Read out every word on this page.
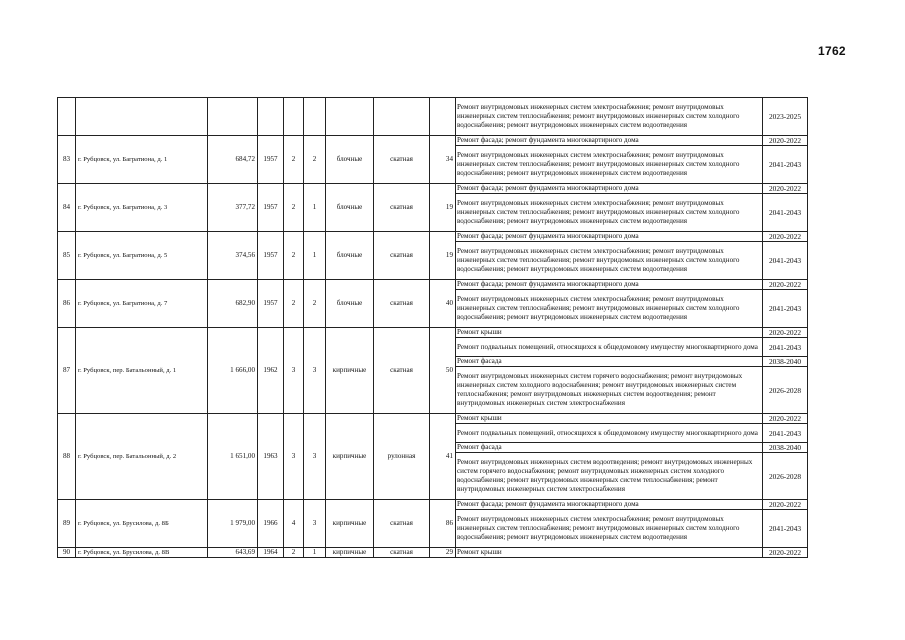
1762
									Ремонт внутридомовых инженерных систем электроснабжения; ремонт внутридомовых инженерных систем теплоснабжения; ремонт внутридомовых инженерных систем холодного водоснабжения; ремонт внутридомовых инженерных систем водоотведения	2023-2025
83	г. Рубцовск, ул. Багратиона, д. 1	684,72	1957	2	2	блочные	скатная	34	Ремонт фасада; ремонт фундамента многоквартирного дома	2020-2022
									Ремонт внутридомовых инженерных систем электроснабжения; ремонт внутридомовых инженерных систем теплоснабжения; ремонт внутридомовых инженерных систем холодного водоснабжения; ремонт внутридомовых инженерных систем водоотведения	2041-2043
84	г. Рубцовск, ул. Багратиона, д. 3	377,72	1957	2	1	блочные	скатная	19	Ремонт фасада; ремонт фундамента многоквартирного дома	2020-2022
									Ремонт внутридомовых инженерных систем электроснабжения; ремонт внутридомовых инженерных систем теплоснабжения; ремонт внутридомовых инженерных систем холодного водоснабжения; ремонт внутридомовых инженерных систем водоотведения	2041-2043
85	г. Рубцовск, ул. Багратиона, д. 5	374,56	1957	2	1	блочные	скатная	19	Ремонт фасада; ремонт фундамента многоквартирного дома	2020-2022
									Ремонт внутридомовых инженерных систем электроснабжения; ремонт внутридомовых инженерных систем теплоснабжения; ремонт внутридомовых инженерных систем холодного водоснабжения; ремонт внутридомовых инженерных систем водоотведения	2041-2043
86	г. Рубцовск, ул. Багратиона, д. 7	682,90	1957	2	2	блочные	скатная	40	Ремонт фасада; ремонт фундамента многоквартирного дома	2020-2022
									Ремонт внутридомовых инженерных систем электроснабжения; ремонт внутридомовых инженерных систем теплоснабжения; ремонт внутридомовых инженерных систем холодного водоснабжения; ремонт внутридомовых инженерных систем водоотведения	2041-2043
87	г. Рубцовск, пер. Батальонный, д. 1	1 666,00	1962	3	3	кирпичные	скатная	50	Ремонт крыши	2020-2022
									Ремонт подвальных помещений, относящихся к общедомовому имуществу многоквартирного дома	2041-2043
									Ремонт фасада	2038-2040
									Ремонт внутридомовых инженерных систем горячего водоснабжения; ремонт внутридомовых инженерных систем холодного водоснабжения; ремонт внутридомовых инженерных систем теплоснабжения; ремонт внутридомовых инженерных систем водоотведения; ремонт внутридомовых инженерных систем электроснабжения	2026-2028
88	г. Рубцовск, пер. Батальонный, д. 2	1 651,00	1963	3	3	кирпичные	рулонная	41	Ремонт крыши	2020-2022
									Ремонт подвальных помещений, относящихся к общедомовому имуществу многоквартирного дома	2041-2043
									Ремонт фасада	2038-2040
									Ремонт внутридомовых инженерных систем водоотведения; ремонт внутридомовых инженерных систем горячего водоснабжения; ремонт внутридомовых инженерных систем холодного водоснабжения; ремонт внутридомовых инженерных систем теплоснабжения; ремонт внутридомовых инженерных систем электроснабжения	2026-2028
89	г. Рубцовск, ул. Брусилова, д. 8Б	1 979,00	1966	4	3	кирпичные	скатная	86	Ремонт фасада; ремонт фундамента многоквартирного дома	2020-2022
									Ремонт внутридомовых инженерных систем электроснабжения; ремонт внутридомовых инженерных систем теплоснабжения; ремонт внутридомовых инженерных систем холодного водоснабжения; ремонт внутридомовых инженерных систем водоотведения	2041-2043
90	г. Рубцовск, ул. Брусилова, д. 8В	643,69	1964	2	1	кирпичные	скатная	29	Ремонт крыши	2020-2022
